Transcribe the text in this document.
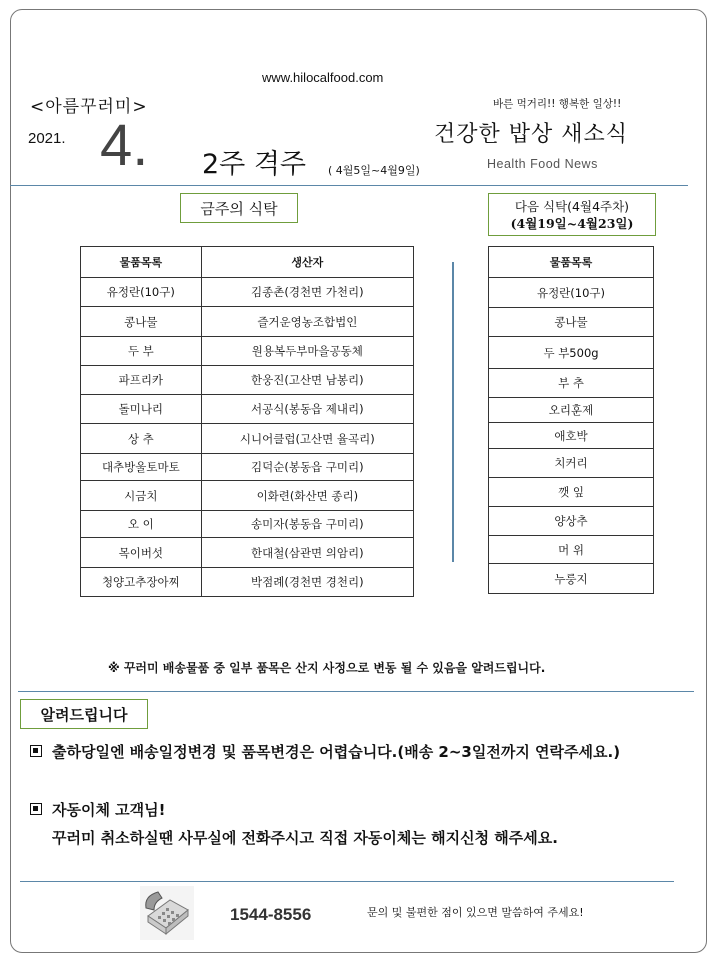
www.hilocalfood.com
<아름꾸러미>
2021. 4. 2주 격주 ( 4월5일~4월9일)
바른 먹거리!! 행복한 일상!!
건강한 밥상 새소식
Health Food News
금주의 식탁	다음 식탁(4월4주차)
(4월19일~4월23일)
물품목록	생산자
유정란(10구)	김종촌(경천면 가천리)
콩나물	즐거운영농조합법인
두 부	원용복두부마을공동체
파프리카	한웅진(고산면 남봉리)
돌미나리	서공식(봉동읍 제내리)
상 추	시니어클럽(고산면 율곡리)
대추방울토마토	김덕순(봉동읍 구미리)
시금치	이화련(화산면 종리)
오 이	송미자(봉동읍 구미리)
목이버섯	한대철(삼관면 의암리)
청양고추장아찌	박점례(경천면 경천리)
물품목록
유정란(10구)
콩나물
두 부500g
부 추
오리훈제
애호박
치커리
깻 잎
양상추
머 위
누룽지
※ 꾸러미 배송물품 중 일부 품목은 산지 사정으로 변동 될 수 있음을 알려드립니다.
알려드립니다
출하당일엔 배송일정변경 및 품목변경은 어렵습니다.(배송 2~3일전까지 연락주세요.)
자동이체 고객님!
꾸러미 취소하실땐 사무실에 전화주시고 직접 자동이체는 해지신청 해주세요.
1544-8556	문의 및 불편한 점이 있으면 말씀하여 주세요!
